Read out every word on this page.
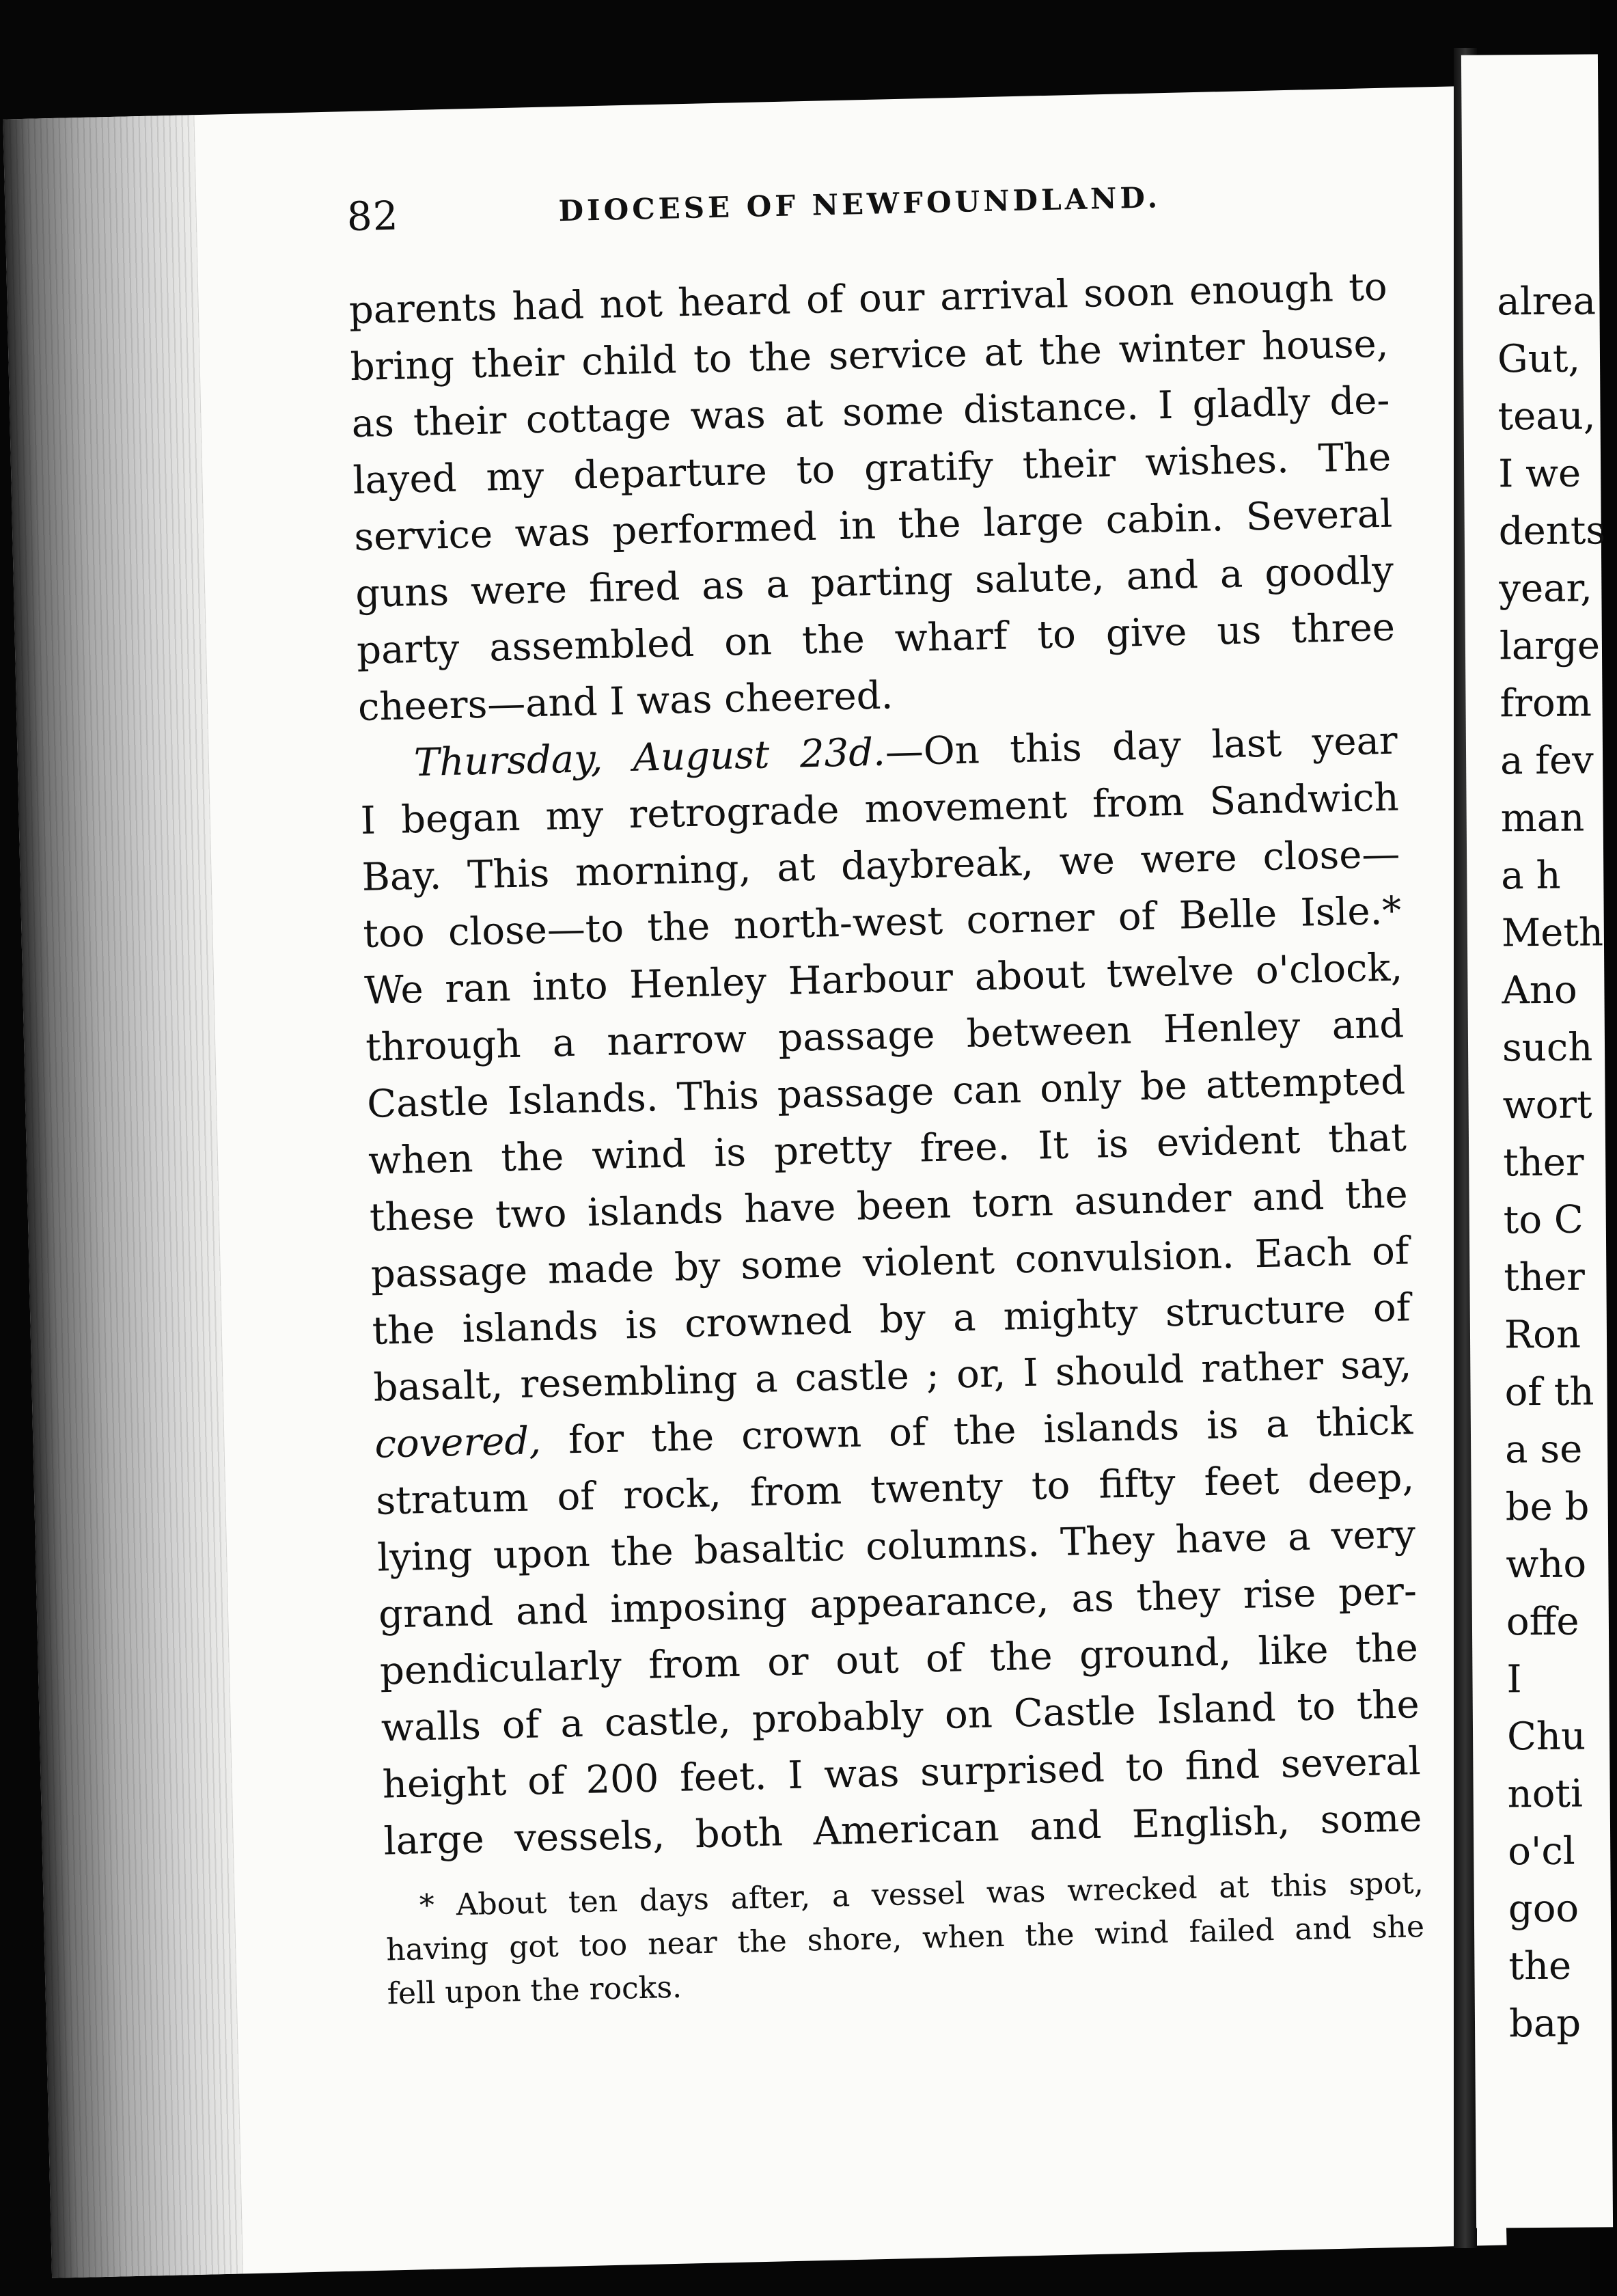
82	DIOCESE OF NEWFOUNDLAND.
parents had not heard of our arrival soon enough to
bring their child to the service at the winter house,
as their cottage was at some distance. I gladly de-
layed my departure to gratify their wishes. The
service was performed in the large cabin. Several
guns were fired as a parting salute, and a goodly
party assembled on the wharf to give us three
cheers—and I was cheered.
Thursday, August 23d.—On this day last year
I began my retrograde movement from Sandwich
Bay. This morning, at daybreak, we were close—
too close—to the north-west corner of Belle Isle.*
We ran into Henley Harbour about twelve o'clock,
through a narrow passage between Henley and
Castle Islands. This passage can only be attempted
when the wind is pretty free. It is evident that
these two islands have been torn asunder and the
passage made by some violent convulsion. Each of
the islands is crowned by a mighty structure of
basalt, resembling a castle ; or, I should rather say,
covered, for the crown of the islands is a thick
stratum of rock, from twenty to fifty feet deep,
lying upon the basaltic columns. They have a very
grand and imposing appearance, as they rise per-
pendicularly from or out of the ground, like the
walls of a castle, probably on Castle Island to the
height of 200 feet. I was surprised to find several
large vessels, both American and English, some
* About ten days after, a vessel was wrecked at this spot,
having got too near the shore, when the wind failed and she
fell upon the rocks.
alrea
Gut,
teau,
I we
dents
year,
large
from
a fev
man
a h
Meth
Ano
such
wort
ther
to C
ther
Ron
of th
a se
be b
who
offe
I
Chu
noti
o'cl
goo
the
bap
